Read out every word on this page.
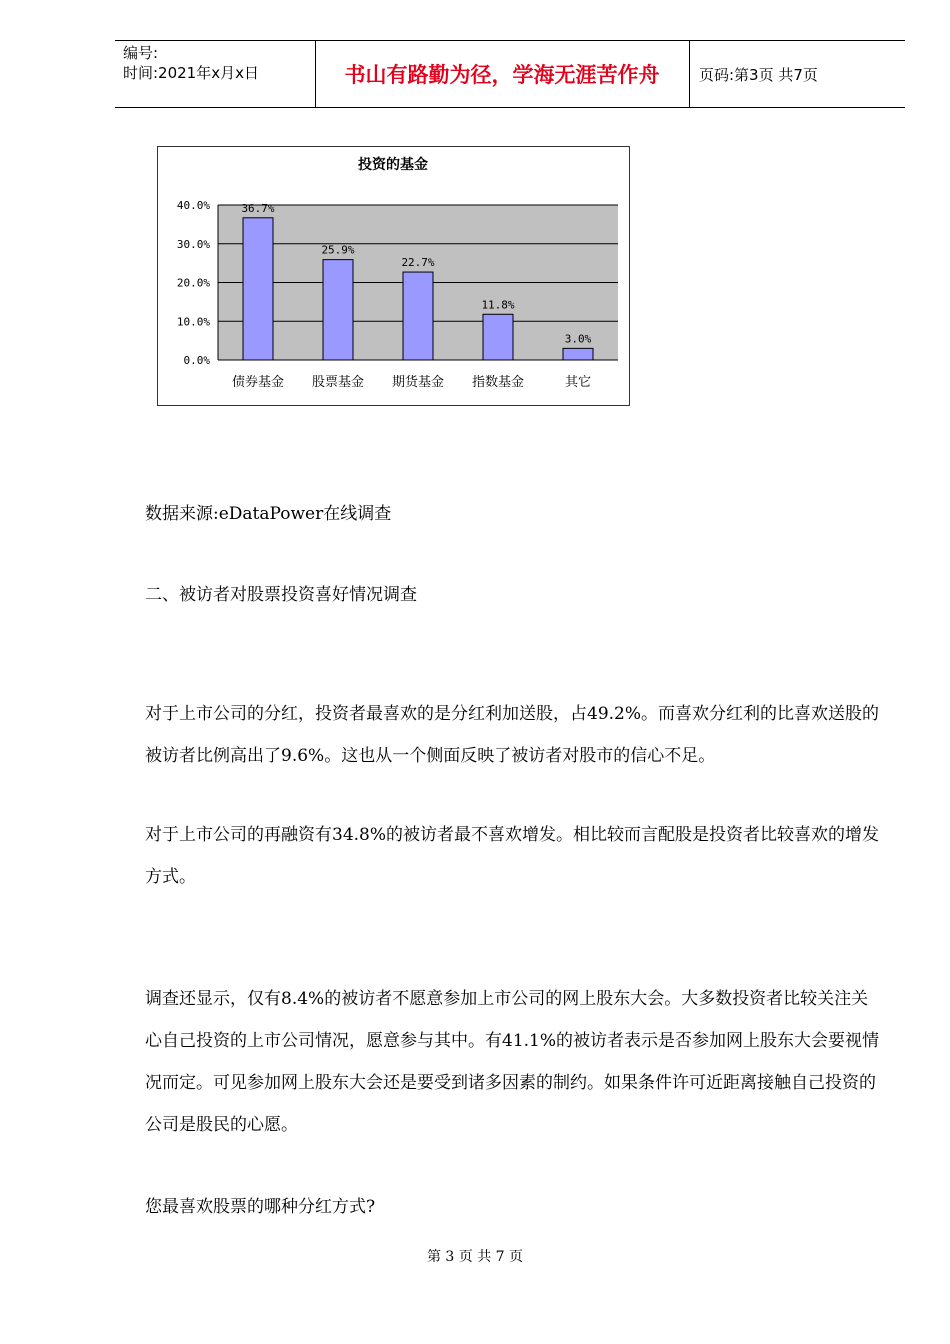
编号:
时间:2021年x月x日	书山有路勤为径，学海无涯苦作舟	页码:第3页 共7页
投资的基金
0.0%
10.0%
20.0%
30.0%
40.0%	36.7%
债券基金
25.9%
股票基金
22.7%
期货基金
11.8%
指数基金
3.0%
其它
数据来源:eDataPower在线调查
二、被访者对股票投资喜好情况调查
对于上市公司的分红，投资者最喜欢的是分红利加送股，占49.2%。而喜欢分红利的比喜欢送股的被访者比例高出了9.6%。这也从一个侧面反映了被访者对股市的信心不足。
对于上市公司的再融资有34.8%的被访者最不喜欢增发。相比较而言配股是投资者比较喜欢的增发方式。
调查还显示，仅有8.4%的被访者不愿意参加上市公司的网上股东大会。大多数投资者比较关注关心自己投资的上市公司情况，愿意参与其中。有41.1%的被访者表示是否参加网上股东大会要视情况而定。可见参加网上股东大会还是要受到诸多因素的制约。如果条件许可近距离接触自己投资的公司是股民的心愿。
您最喜欢股票的哪种分红方式?
第 3 页 共 7 页
